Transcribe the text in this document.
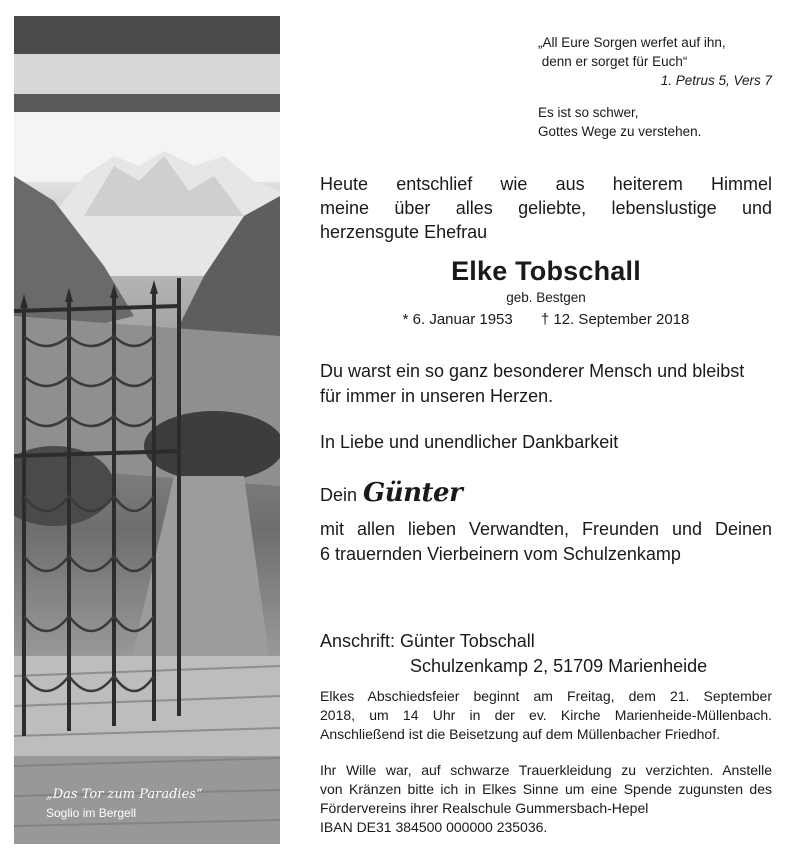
„Das Tor zum Paradies“
Soglio im Bergell
„All Eure Sorgen werfet auf ihn,
denn er sorget für Euch“
1. Petrus 5, Vers 7
Es ist so schwer,
Gottes Wege zu verstehen.
Heute entschlief wie aus heiterem Himmel
meine über alles geliebte, lebenslustige und
herzensgute Ehefrau
Elke Tobschall
geb. Bestgen
* 6. Januar 1953 † 12. September 2018
Du warst ein so ganz besonderer Mensch und bleibst
für immer in unseren Herzen.
In Liebe und unendlicher Dankbarkeit
Dein Günter
mit allen lieben Verwandten, Freunden und Deinen
6 trauernden Vierbeinern vom Schulzenkamp
Anschrift: Günter Tobschall
Schulzenkamp 2, 51709 Marienheide
Elkes Abschiedsfeier beginnt am Freitag, dem 21. September
2018, um 14 Uhr in der ev. Kirche Marienheide-Müllenbach.
Anschließend ist die Beisetzung auf dem Müllenbacher Friedhof.
Ihr Wille war, auf schwarze Trauerkleidung zu verzichten. Anstelle
von Kränzen bitte ich in Elkes Sinne um eine Spende zugunsten des
Fördervereins ihrer Realschule Gummersbach-Hepel
IBAN DE31 384500 000000 235036.
